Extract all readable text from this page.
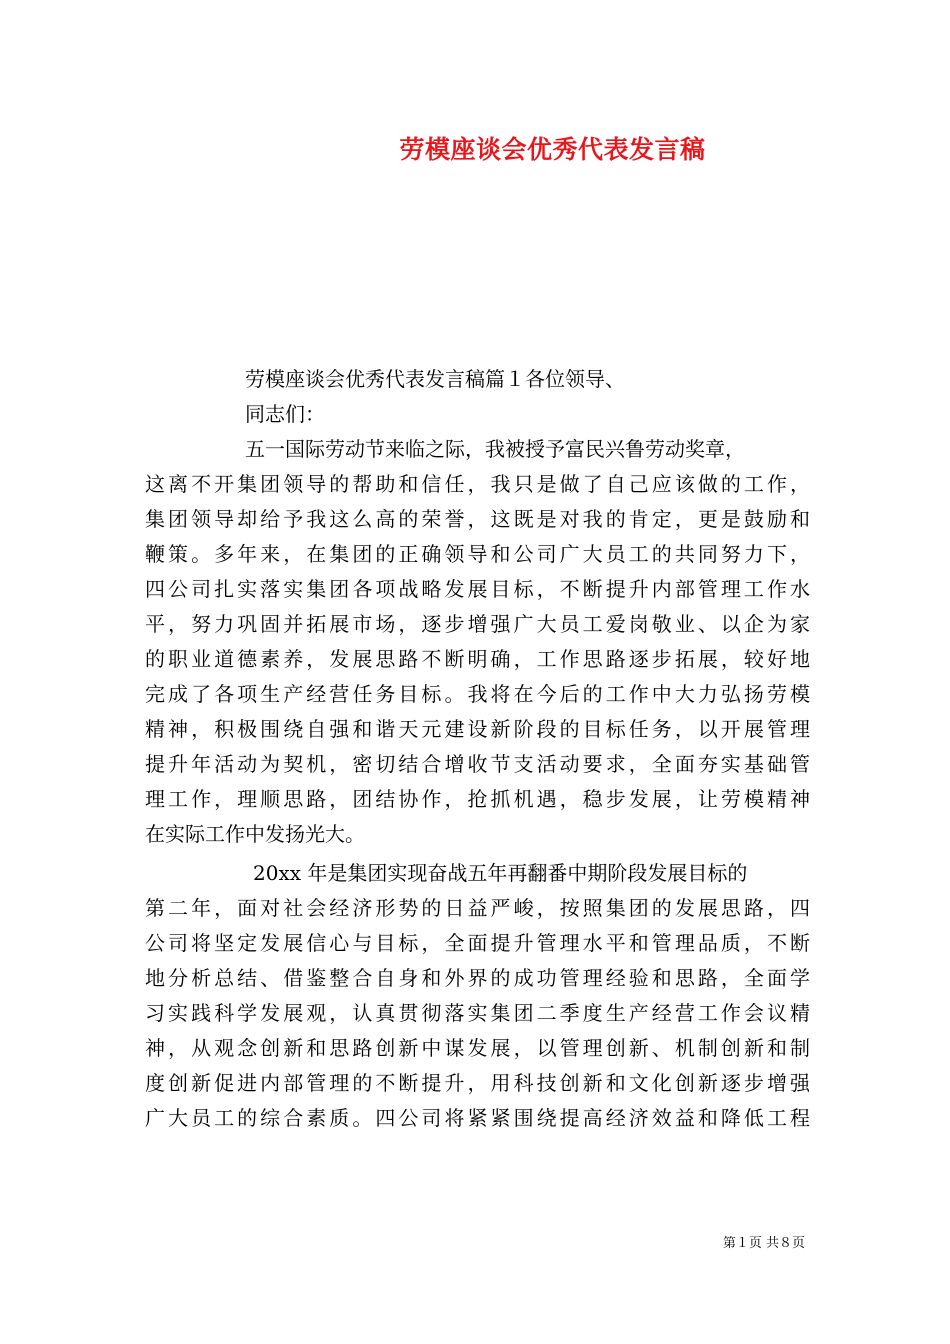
劳模座谈会优秀代表发言稿
劳模座谈会优秀代表发言稿篇１各位领导、
同志们：
五一国际劳动节来临之际，我被授予富民兴鲁劳动奖章，
这离不开集团领导的帮助和信任，我只是做了自己应该做的工作，
集团领导却给予我这么高的荣誉，这既是对我的肯定，更是鼓励和
鞭策。多年来，在集团的正确领导和公司广大员工的共同努力下，
四公司扎实落实集团各项战略发展目标，不断提升内部管理工作水
平，努力巩固并拓展市场，逐步增强广大员工爱岗敬业、以企为家
的职业道德素养，发展思路不断明确，工作思路逐步拓展，较好地
完成了各项生产经营任务目标。我将在今后的工作中大力弘扬劳模
精神，积极围绕自强和谐天元建设新阶段的目标任务，以开展管理
提升年活动为契机，密切结合增收节支活动要求，全面夯实基础管
理工作，理顺思路，团结协作，抢抓机遇，稳步发展，让劳模精神
在实际工作中发扬光大。
20xx 年是集团实现奋战五年再翻番中期阶段发展目标的
第二年，面对社会经济形势的日益严峻，按照集团的发展思路，四
公司将坚定发展信心与目标，全面提升管理水平和管理品质，不断
地分析总结、借鉴整合自身和外界的成功管理经验和思路，全面学
习实践科学发展观，认真贯彻落实集团二季度生产经营工作会议精
神，从观念创新和思路创新中谋发展，以管理创新、机制创新和制
度创新促进内部管理的不断提升，用科技创新和文化创新逐步增强
广大员工的综合素质。四公司将紧紧围绕提高经济效益和降低工程
第１页 共８页
